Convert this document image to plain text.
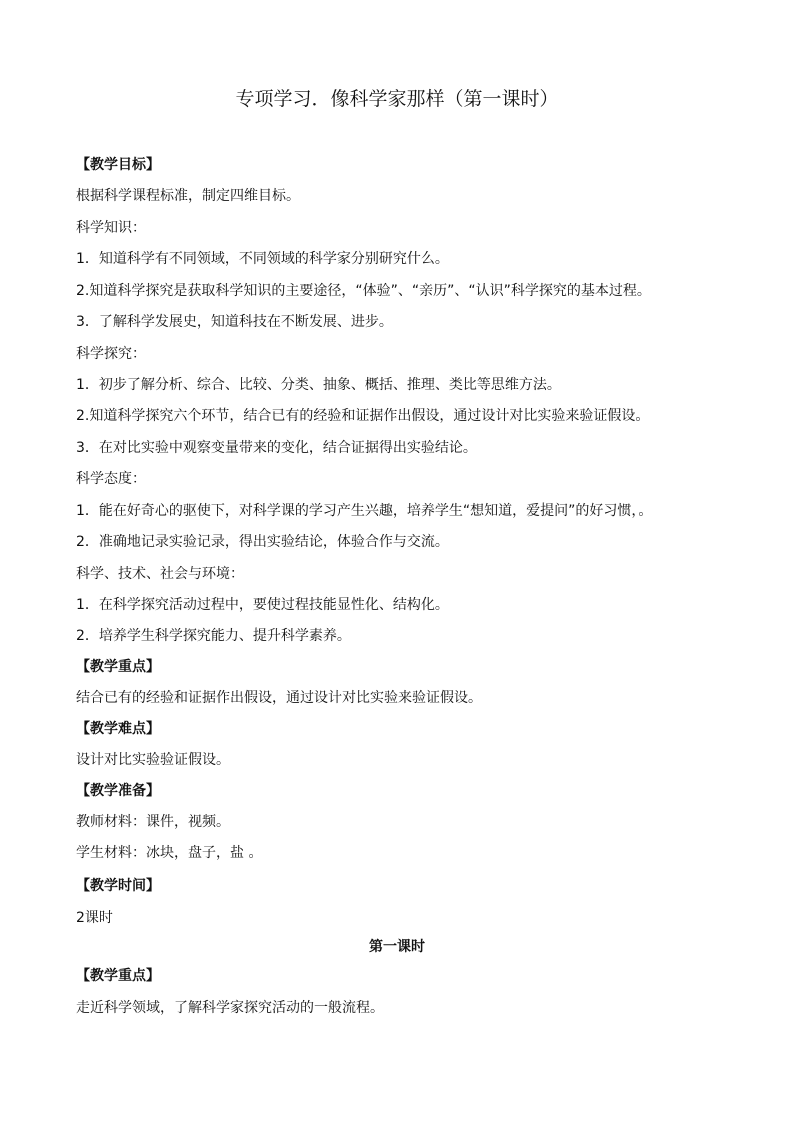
专项学习．像科学家那样（第一课时）
【教学目标】
根据科学课程标准，制定四维目标。
科学知识：
1．知道科学有不同领域，不同领域的科学家分别研究什么。
2.知道科学探究是获取科学知识的主要途径，“体验”、“亲历”、“认识”科学探究的基本过程。
3．了解科学发展史，知道科技在不断发展、进步。
科学探究：
1．初步了解分析、综合、比较、分类、抽象、概括、推理、类比等思维方法。
2.知道科学探究六个环节，结合已有的经验和证据作出假设，通过设计对比实验来验证假设。
3．在对比实验中观察变量带来的变化，结合证据得出实验结论。
科学态度：
1．能在好奇心的驱使下，对科学课的学习产生兴趣，培养学生“想知道，爱提问”的好习惯，。
2．准确地记录实验记录，得出实验结论，体验合作与交流。
科学、技术、社会与环境：
1．在科学探究活动过程中，要使过程技能显性化、结构化。
2．培养学生科学探究能力、提升科学素养。
【教学重点】
结合已有的经验和证据作出假设，通过设计对比实验来验证假设。
【教学难点】
设计对比实验验证假设。
【教学准备】
教师材料：课件，视频。
学生材料：冰块，盘子，盐 。
【教学时间】
2课时
第一课时
【教学重点】
走近科学领域，了解科学家探究活动的一般流程。
